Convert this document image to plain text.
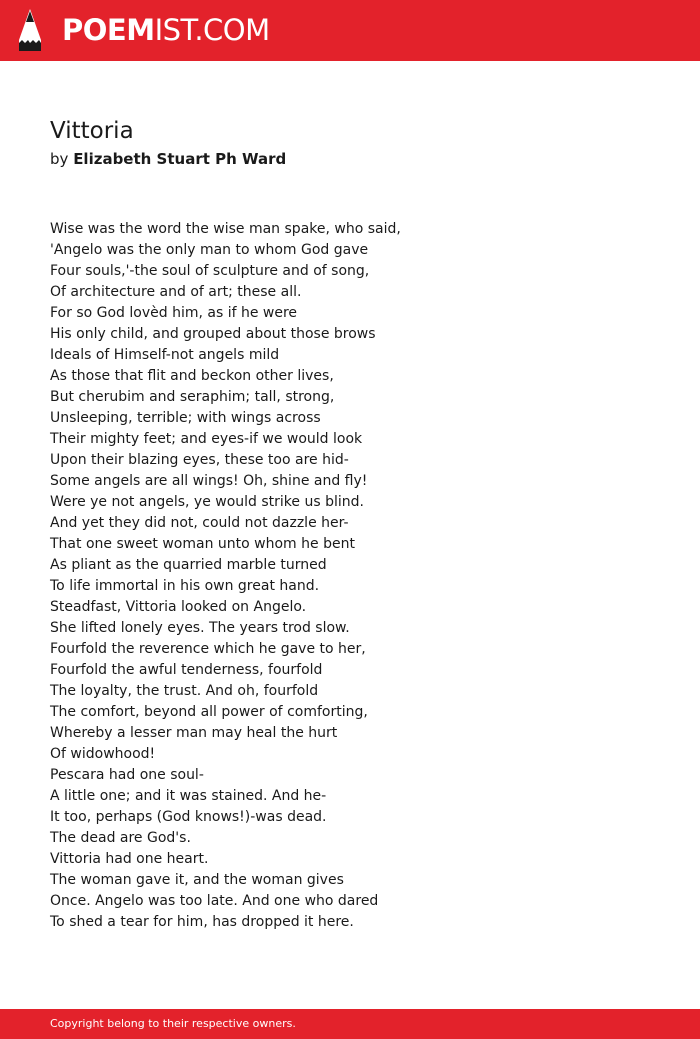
POEMIST.COM
Vittoria
by Elizabeth Stuart Ph Ward
Wise was the word the wise man spake, who said,
'Angelo was the only man to whom God gave
Four souls,'-the soul of sculpture and of song,
Of architecture and of art; these all.
For so God lovèd him, as if he were
His only child, and grouped about those brows
Ideals of Himself-not angels mild
As those that flit and beckon other lives,
But cherubim and seraphim; tall, strong,
Unsleeping, terrible; with wings across
Their mighty feet; and eyes-if we would look
Upon their blazing eyes, these too are hid-
Some angels are all wings! Oh, shine and fly!
Were ye not angels, ye would strike us blind.
And yet they did not, could not dazzle her-
That one sweet woman unto whom he bent
As pliant as the quarried marble turned
To life immortal in his own great hand.
Steadfast, Vittoria looked on Angelo.
She lifted lonely eyes. The years trod slow.
Fourfold the reverence which he gave to her,
Fourfold the awful tenderness, fourfold
The loyalty, the trust. And oh, fourfold
The comfort, beyond all power of comforting,
Whereby a lesser man may heal the hurt
Of widowhood!
Pescara had one soul-
A little one; and it was stained. And he-
It too, perhaps (God knows!)-was dead.
The dead are God's.
Vittoria had one heart.
The woman gave it, and the woman gives
Once. Angelo was too late. And one who dared
To shed a tear for him, has dropped it here.
Copyright belong to their respective owners.
